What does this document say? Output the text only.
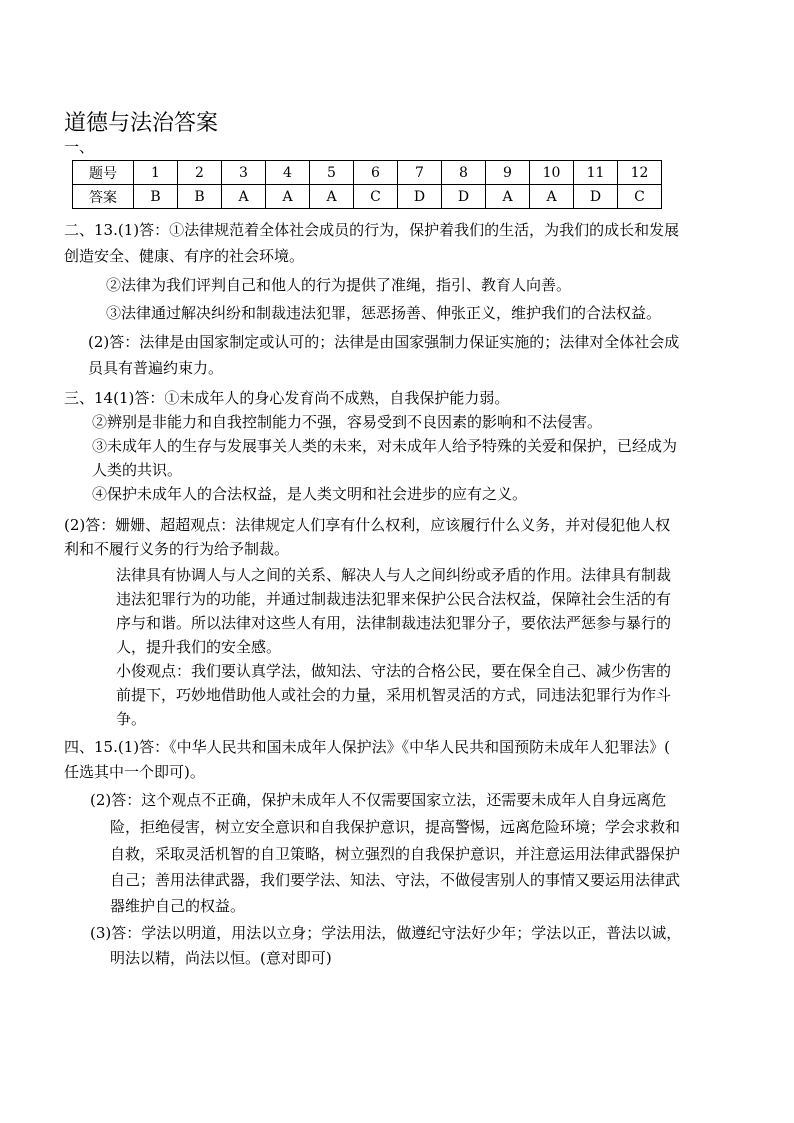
道德与法治答案
一、
题号	1	2	3	4	5	6	7	8	9	10	11	12
答案	B	B	A	A	A	C	D	D	A	A	D	C
二、13.(1)答：①法律规范着全体社会成员的行为，保护着我们的生活，为我们的成长和发展
创造安全、健康、有序的社会环境。
②法律为我们评判自己和他人的行为提供了准绳，指引、教育人向善。
③法律通过解决纠纷和制裁违法犯罪，惩恶扬善、伸张正义，维护我们的合法权益。
(2)答：法律是由国家制定或认可的；法律是由国家强制力保证实施的；法律对全体社会成
员具有普遍约束力。
三、14(1)答：①未成年人的身心发育尚不成熟，自我保护能力弱。
②辨别是非能力和自我控制能力不强，容易受到不良因素的影响和不法侵害。
③未成年人的生存与发展事关人类的未来，对未成年人给予特殊的关爱和保护，已经成为
人类的共识。
④保护未成年人的合法权益，是人类文明和社会进步的应有之义。
(2)答：姗姗、超超观点：法律规定人们享有什么权利，应该履行什么义务，并对侵犯他人权
利和不履行义务的行为给予制裁。
法律具有协调人与人之间的关系、解决人与人之间纠纷或矛盾的作用。法律具有制裁
违法犯罪行为的功能，并通过制裁违法犯罪来保护公民合法权益，保障社会生活的有
序与和谐。所以法律对这些人有用，法律制裁违法犯罪分子，要依法严惩参与暴行的
人，提升我们的安全感。
小俊观点：我们要认真学法，做知法、守法的合格公民，要在保全自己、减少伤害的
前提下，巧妙地借助他人或社会的力量，采用机智灵活的方式，同违法犯罪行为作斗
争。
四、15.(1)答：《中华人民共和国未成年人保护法》《中华人民共和国预防未成年人犯罪法》(
任选其中一个即可)。
(2)答：这个观点不正确，保护未成年人不仅需要国家立法，还需要未成年人自身远离危
险，拒绝侵害，树立安全意识和自我保护意识，提高警惕，远离危险环境；学会求救和
自救，采取灵活机智的自卫策略，树立强烈的自我保护意识，并注意运用法律武器保护
自己；善用法律武器，我们要学法、知法、守法，不做侵害别人的事情又要运用法律武
器维护自己的权益。
(3)答：学法以明道，用法以立身；学法用法，做遵纪守法好少年；学法以正，普法以诚，
明法以精，尚法以恒。(意对即可)
